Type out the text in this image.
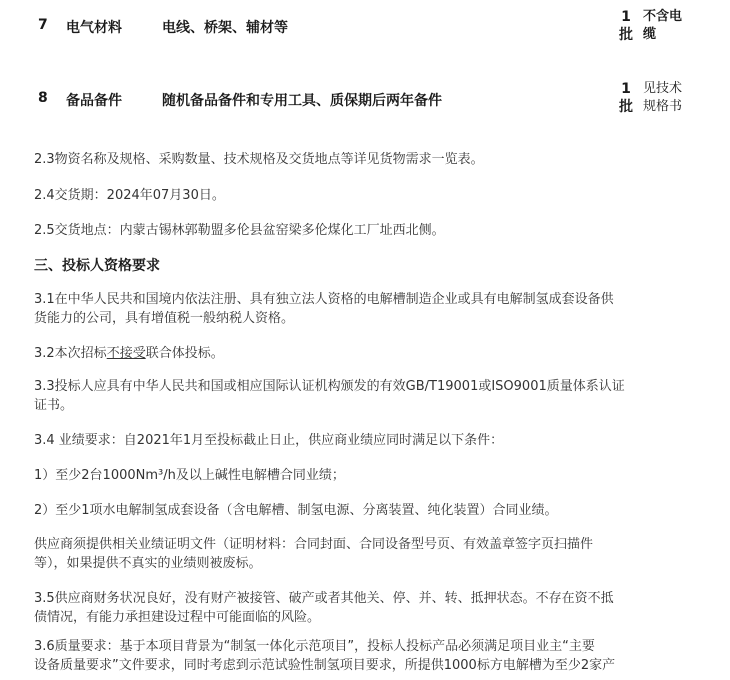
7 电气材料	电线、桥架、辅材等
1
批
不含电
缆
8 备品备件	随机备品备件和专用工具、质保期后两年备件
1
批
见技术
规格书
2.3物资名称及规格、采购数量、技术规格及交货地点等详见货物需求一览表。
2.4交货期：2024年07月30日。
2.5交货地点：内蒙古锡林郭勒盟多伦县盆窑梁多伦煤化工厂址西北侧。
三、投标人资格要求
3.1在中华人民共和国境内依法注册、具有独立法人资格的电解槽制造企业或具有电解制氢成套设备供
货能力的公司，具有增值税一般纳税人资格。
3.2本次招标不接受联合体投标。
3.3投标人应具有中华人民共和国或相应国际认证机构颁发的有效GB/T19001或ISO9001质量体系认证
证书。
3.4 业绩要求：自2021年1月至投标截止日止，供应商业绩应同时满足以下条件：
1）至少2台1000Nm³/h及以上碱性电解槽合同业绩；
2）至少1项水电解制氢成套设备（含电解槽、制氢电源、分离装置、纯化装置）合同业绩。
供应商须提供相关业绩证明文件（证明材料：合同封面、合同设备型号页、有效盖章签字页扫描件
等），如果提供不真实的业绩则被废标。
3.5供应商财务状况良好，没有财产被接管、破产或者其他关、停、并、转、抵押状态。不存在资不抵
债情况，有能力承担建设过程中可能面临的风险。
3.6质量要求：基于本项目背景为“制氢一体化示范项目”，投标人投标产品必须满足项目业主“主要
设备质量要求”文件要求，同时考虑到示范试验性制氢项目要求，所提供1000标方电解槽为至少2家产
